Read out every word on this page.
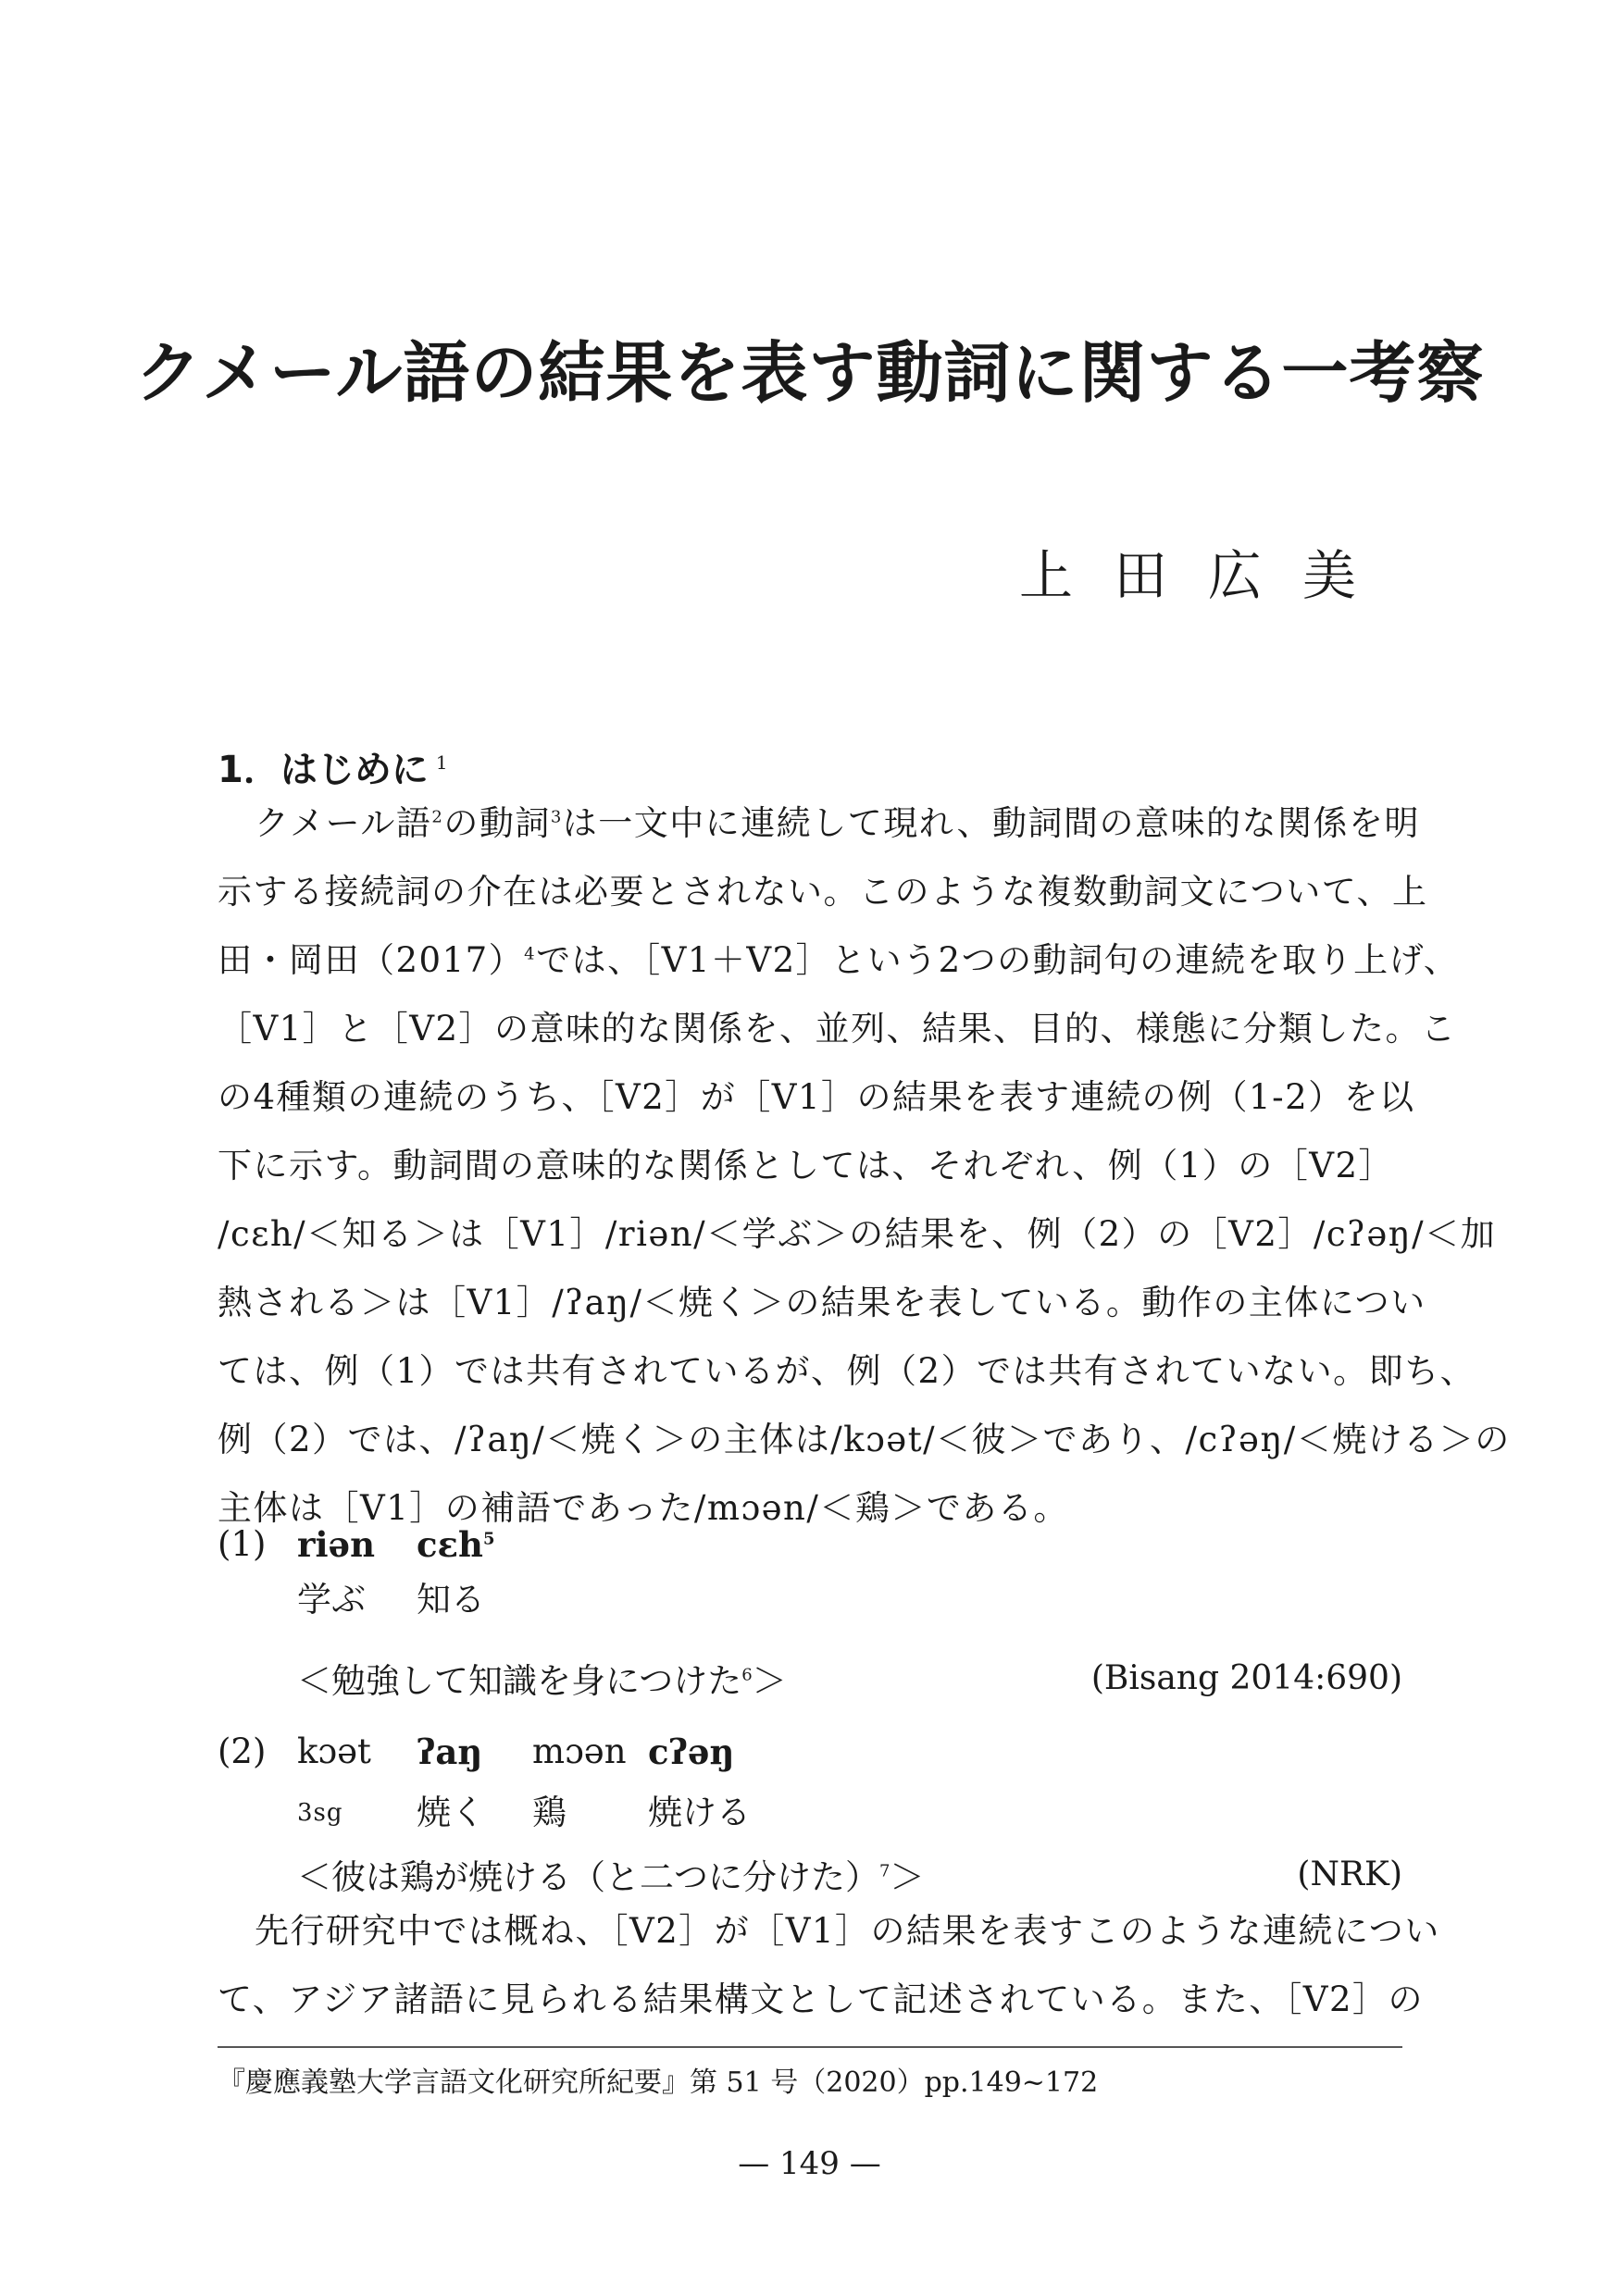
クメール語の結果を表す動詞に関する一考察
上田広美
1．はじめに $^1$
クメール語$^2$の動詞$^3$は一文中に連続して現れ、動詞間の意味的な関係を明
示する接続詞の介在は必要とされない。このような複数動詞文について、上
田・岡田$(2017)^4$では、［V1＋V2］という2つの動詞句の連続を取り上げ、
［V1］と［V2］の意味的な関係を、並列、結果、目的、様態に分類した。こ
の4種類の連続のうち、［V2］が［V1］の結果を表す連続の例（1-2）を以
下に示す。動詞間の意味的な関係としては、それぞれ、例（1）の［V2］
/cɛh/＜知る＞は［V1］/riən/＜学ぶ＞の結果を、例（2）の［V2］/cʔəŋ/＜加
熱される＞は［V1］/ʔaŋ/＜焼く＞の結果を表している。動作の主体につい
ては、例（1）では共有されているが、例（2）では共有されていない。即ち、
例（2）では、/ʔaŋ/＜焼く＞の主体は/kɔət/＜彼＞であり、/cʔəŋ/＜焼ける＞の
主体は［V1］の補語であった/mɔən/＜鶏＞である。
(1) riən cɛh$^5$
学ぶ 知る
＜勉強して知識を身につけた$^6$＞	(Bisang 2014:690)
(2) kɔət ʔaŋ mɔən cʔəŋ
3sg 焼く 鶏 焼ける
＜彼は鶏が焼ける（と二つに分けた）$^7$＞	(NRK)
先行研究中では概ね、［V2］が［V1］の結果を表すこのような連続につい
て、アジア諸語に見られる結果構文として記述されている。また、［V2］の
『慶應義塾大学言語文化研究所紀要』第 51 号（2020）pp.149~172
— 149 —
